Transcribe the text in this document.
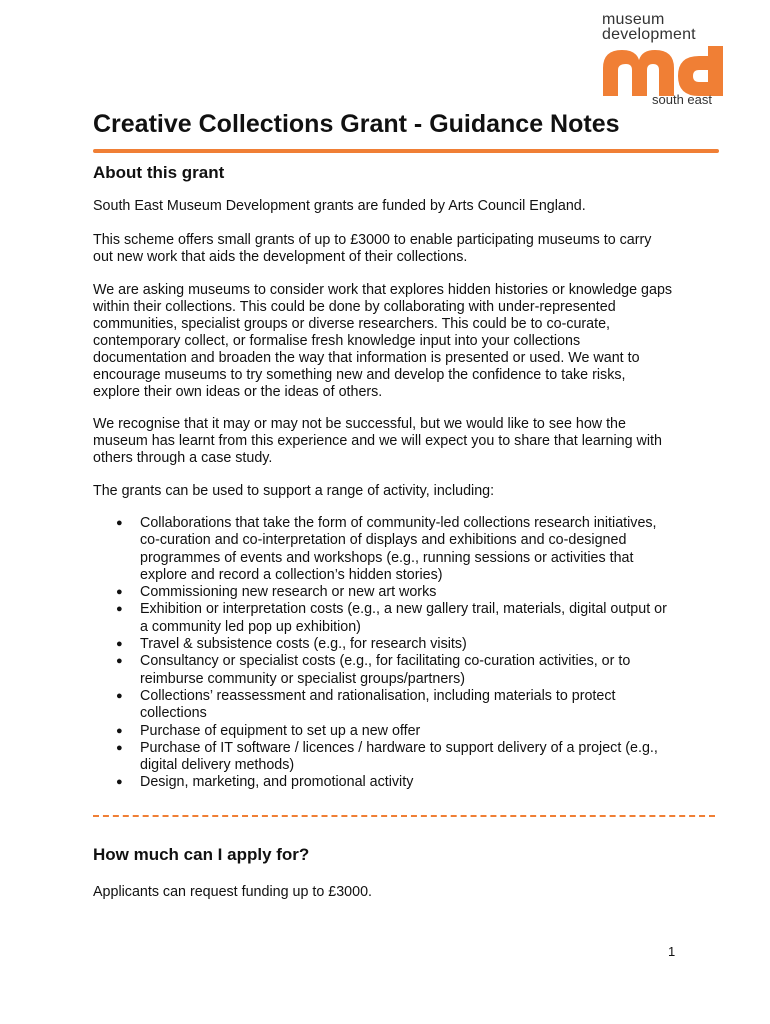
museum
development
south east
Creative Collections Grant - Guidance Notes
About this grant

South East Museum Development grants are funded by Arts Council England.

This scheme offers small grants of up to £3000 to enable participating museums to carry
out new work that aids the development of their collections.

We are asking museums to consider work that explores hidden histories or knowledge gaps
within their collections. This could be done by collaborating with under-represented
communities, specialist groups or diverse researchers. This could be to co-curate,
contemporary collect, or formalise fresh knowledge input into your collections
documentation and broaden the way that information is presented or used. We want to
encourage museums to try something new and develop the confidence to take risks,
explore their own ideas or the ideas of others.

We recognise that it may or may not be successful, but we would like to see how the
museum has learnt from this experience and we will expect you to share that learning with
others through a case study.

The grants can be used to support a range of activity, including:

● Collaborations that take the form of community-led collections research initiatives,
co-curation and co-interpretation of displays and exhibitions and co-designed
programmes of events and workshops (e.g., running sessions or activities that
explore and record a collection’s hidden stories)
● Commissioning new research or new art works
● Exhibition or interpretation costs (e.g., a new gallery trail, materials, digital output or
a community led pop up exhibition)
● Travel & subsistence costs (e.g., for research visits)
● Consultancy or specialist costs (e.g., for facilitating co-curation activities, or to
reimburse community or specialist groups/partners)
● Collections’ reassessment and rationalisation, including materials to protect
collections
● Purchase of equipment to set up a new offer
● Purchase of IT software / licences / hardware to support delivery of a project (e.g.,
digital delivery methods)
● Design, marketing, and promotional activity
How much can I apply for?

Applicants can request funding up to £3000.

1
